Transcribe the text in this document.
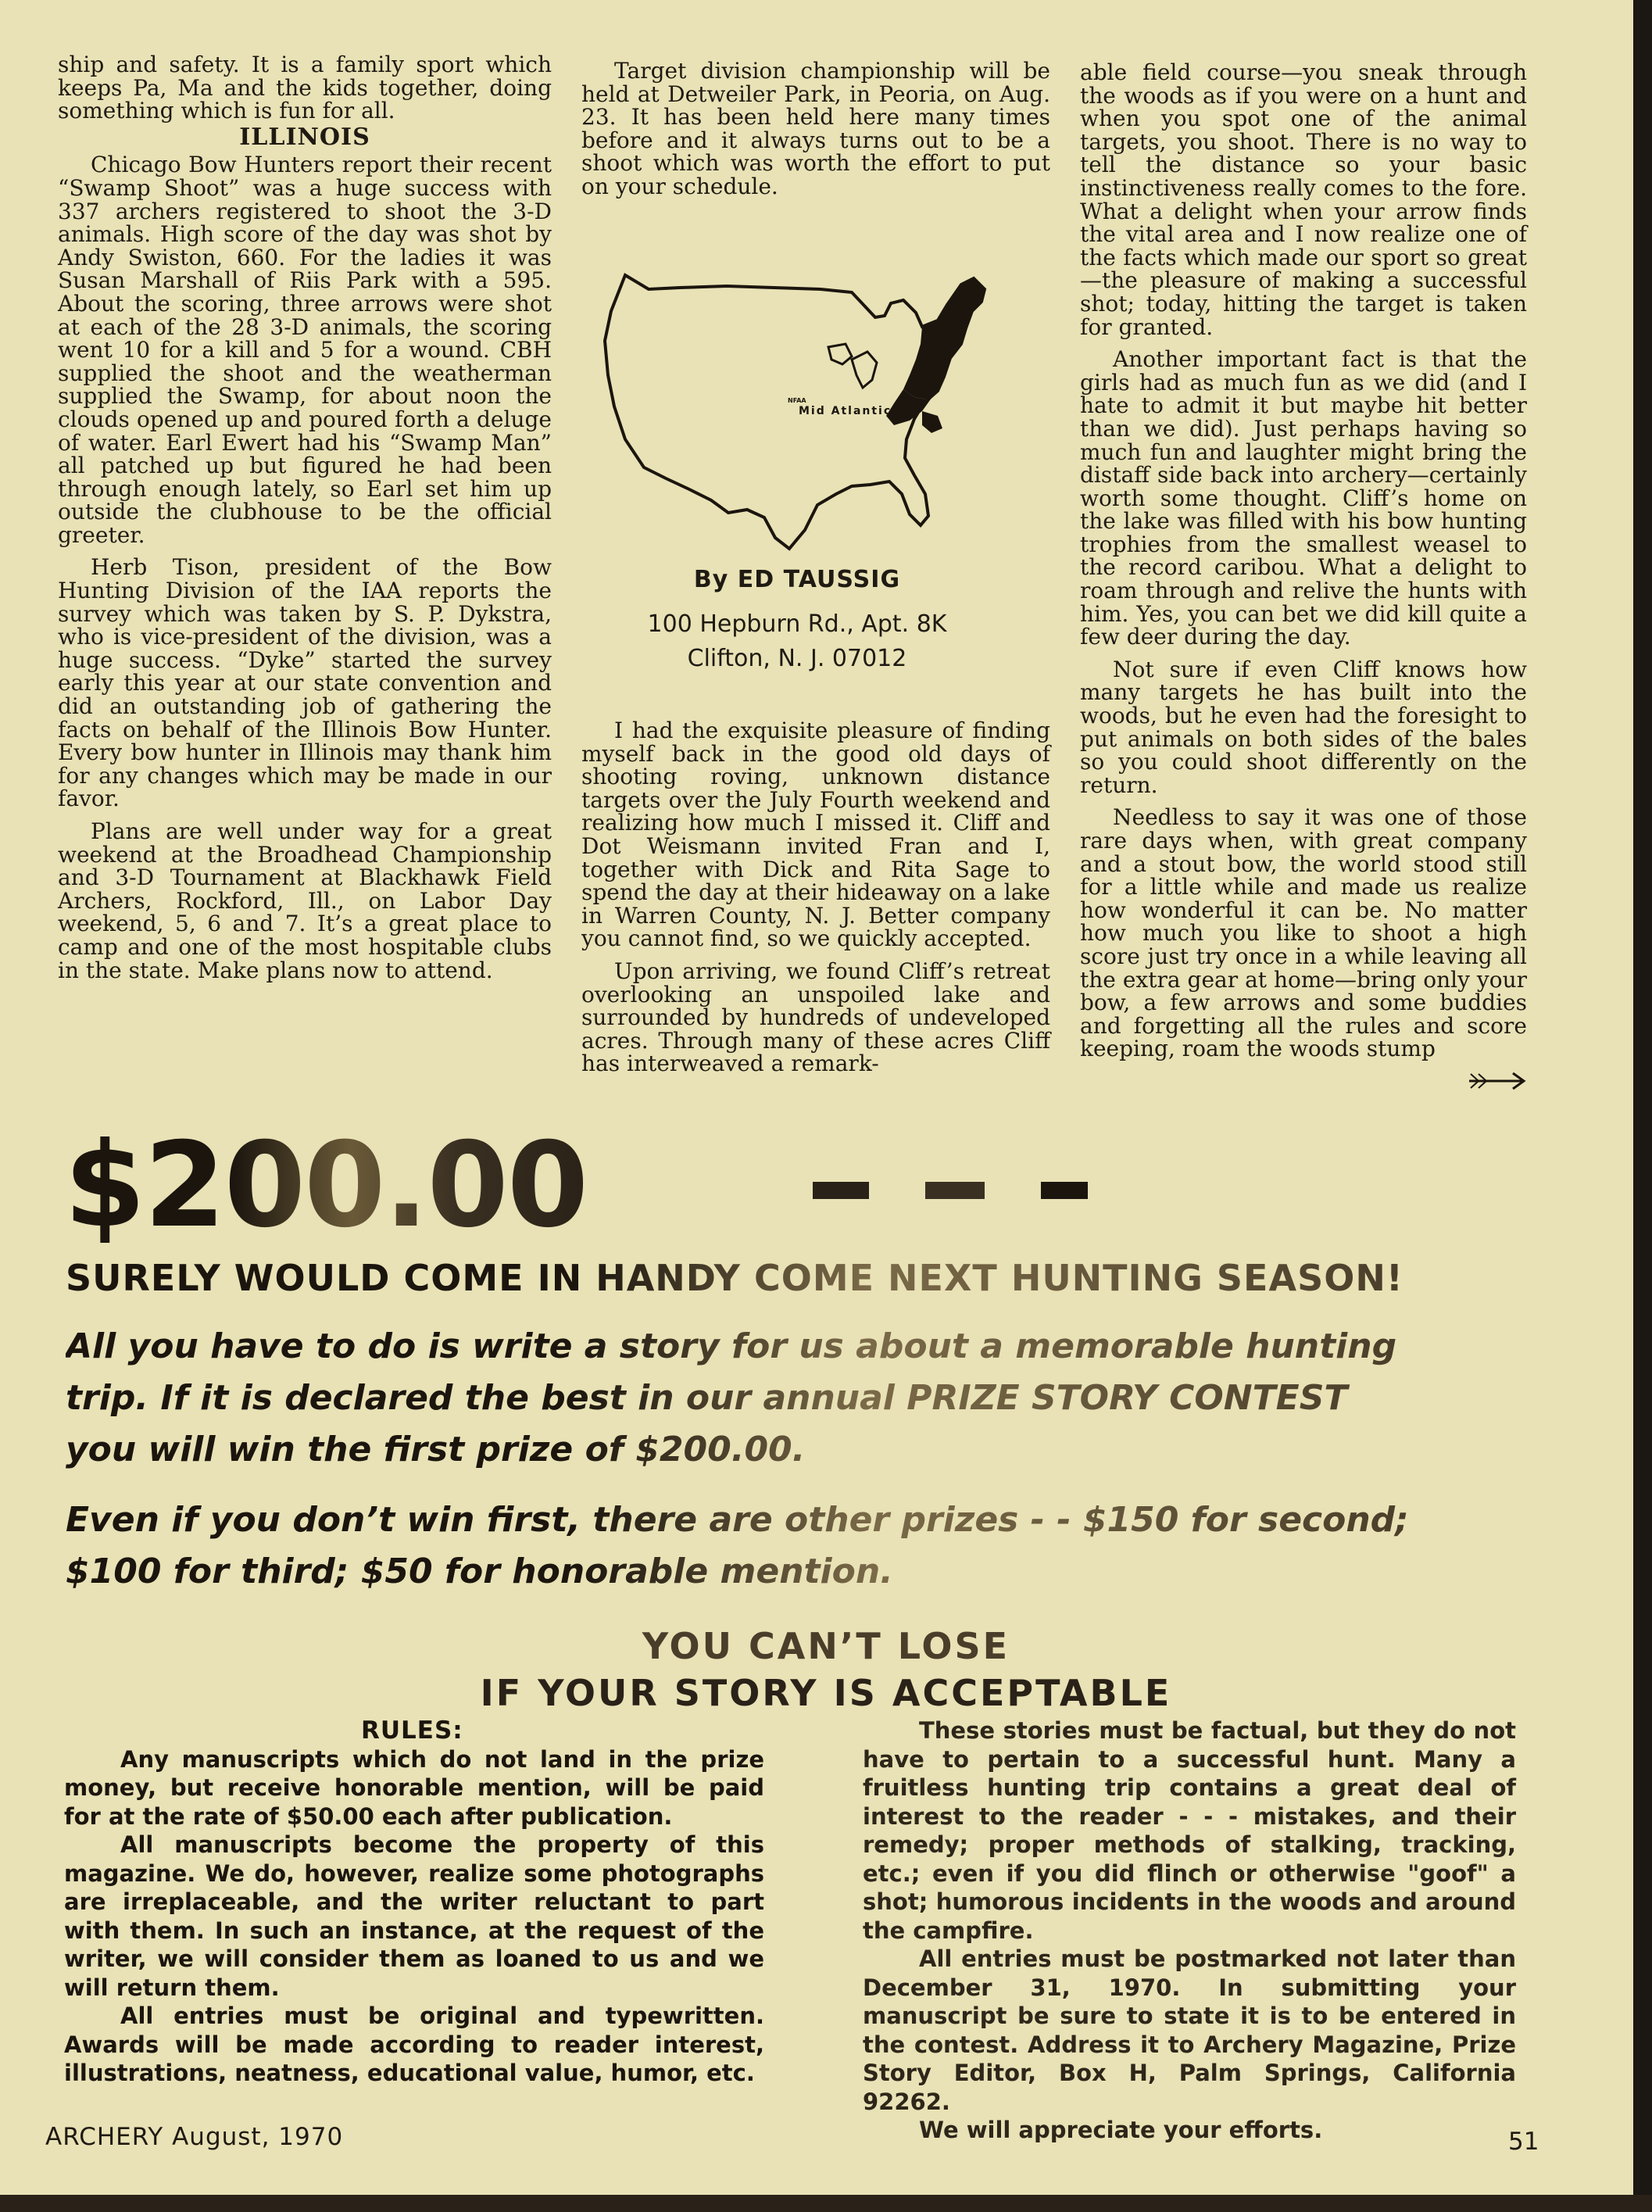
ship and safety. It is a family sport which keeps Pa, Ma and the kids together, doing something which is fun for all.

ILLINOIS

Chicago Bow Hunters report their recent “Swamp Shoot” was a huge success with 337 archers registered to shoot the 3-D animals. High score of the day was shot by Andy Swiston, 660. For the ladies it was Susan Marshall of Riis Park with a 595. About the scoring, three arrows were shot at each of the 28 3-D animals, the scoring went 10 for a kill and 5 for a wound. CBH supplied the shoot and the weatherman supplied the Swamp, for about noon the clouds opened up and poured forth a deluge of water. Earl Ewert had his “Swamp Man” all patched up but figured he had been through enough lately, so Earl set him up outside the clubhouse to be the official greeter.

Herb Tison, president of the Bow Hunting Division of the IAA reports the survey which was taken by S. P. Dykstra, who is vice-president of the division, was a huge success. “Dyke” started the survey early this year at our state convention and did an outstanding job of gathering the facts on behalf of the Illinois Bow Hunter. Every bow hunter in Illinois may thank him for any changes which may be made in our favor.

Plans are well under way for a great weekend at the Broadhead Championship and 3-D Tournament at Blackhawk Field Archers, Rockford, Ill., on Labor Day weekend, 5, 6 and 7. It’s a great place to camp and one of the most hospitable clubs in the state. Make plans now to attend.

Target division championship will be held at Detweiler Park, in Peoria, on Aug. 23. It has been held here many times before and it always turns out to be a shoot which was worth the effort to put on your schedule.

NFAA
Mid Atlantic
By ED TAUSSIG
100 Hepburn Rd., Apt. 8K
Clifton, N. J. 07012

I had the exquisite pleasure of finding myself back in the good old days of shooting roving, unknown distance targets over the July Fourth weekend and realizing how much I missed it. Cliff and Dot Weismann invited Fran and I, together with Dick and Rita Sage to spend the day at their hideaway on a lake in Warren County, N. J. Better company you cannot find, so we quickly accepted.

Upon arriving, we found Cliff’s retreat overlooking an unspoiled lake and surrounded by hundreds of undeveloped acres. Through many of these acres Cliff has interweaved a remark-

able field course—you sneak through the woods as if you were on a hunt and when you spot one of the animal targets, you shoot. There is no way to tell the distance so your basic instinctiveness really comes to the fore. What a delight when your arrow finds the vital area and I now realize one of the facts which made our sport so great—the pleasure of making a successful shot; today, hitting the target is taken for granted.

Another important fact is that the girls had as much fun as we did (and I hate to admit it but maybe hit better than we did). Just perhaps having so much fun and laughter might bring the distaff side back into archery—certainly worth some thought. Cliff’s home on the lake was filled with his bow hunting trophies from the smallest weasel to the record caribou. What a delight to roam through and relive the hunts with him. Yes, you can bet we did kill quite a few deer during the day.

Not sure if even Cliff knows how many targets he has built into the woods, but he even had the foresight to put animals on both sides of the bales so you could shoot differently on the return.

Needless to say it was one of those rare days when, with great company and a stout bow, the world stood still for a little while and made us realize how wonderful it can be. No matter how much you like to shoot a high score just try once in a while leaving all the extra gear at home—bring only your bow, a few arrows and some buddies and forgetting all the rules and score keeping, roam the woods stump

$200.00
SURELY WOULD COME IN HANDY COME NEXT HUNTING SEASON!
All you have to do is write a story for us about a memorable hunting
trip. If it is declared the best in our annual PRIZE STORY CONTEST
you will win the first prize of $200.00.
Even if you don’t win first, there are other prizes - - $150 for second;
$100 for third; $50 for honorable mention.
YOU CAN’T LOSE
IF YOUR STORY IS ACCEPTABLE

RULES:

Any manuscripts which do not land in the prize money, but receive honorable mention, will be paid for at the rate of $50.00 each after publication.

All manuscripts become the property of this magazine. We do, however, realize some photographs are irreplaceable, and the writer reluctant to part with them. In such an instance, at the request of the writer, we will consider them as loaned to us and we will return them.

All entries must be original and typewritten. Awards will be made according to reader interest, illustrations, neatness, educational value, humor, etc.

These stories must be factual, but they do not have to pertain to a successful hunt. Many a fruitless hunting trip contains a great deal of interest to the reader - - - mistakes, and their remedy; proper methods of stalking, tracking, etc.; even if you did flinch or otherwise "goof" a shot; humorous incidents in the woods and around the campfire.

All entries must be postmarked not later than December 31, 1970. In submitting your manuscript be sure to state it is to be entered in the contest. Address it to Archery Magazine, Prize Story Editor, Box H, Palm Springs, California 92262.

We will appreciate your efforts.

ARCHERY August, 1970	51
